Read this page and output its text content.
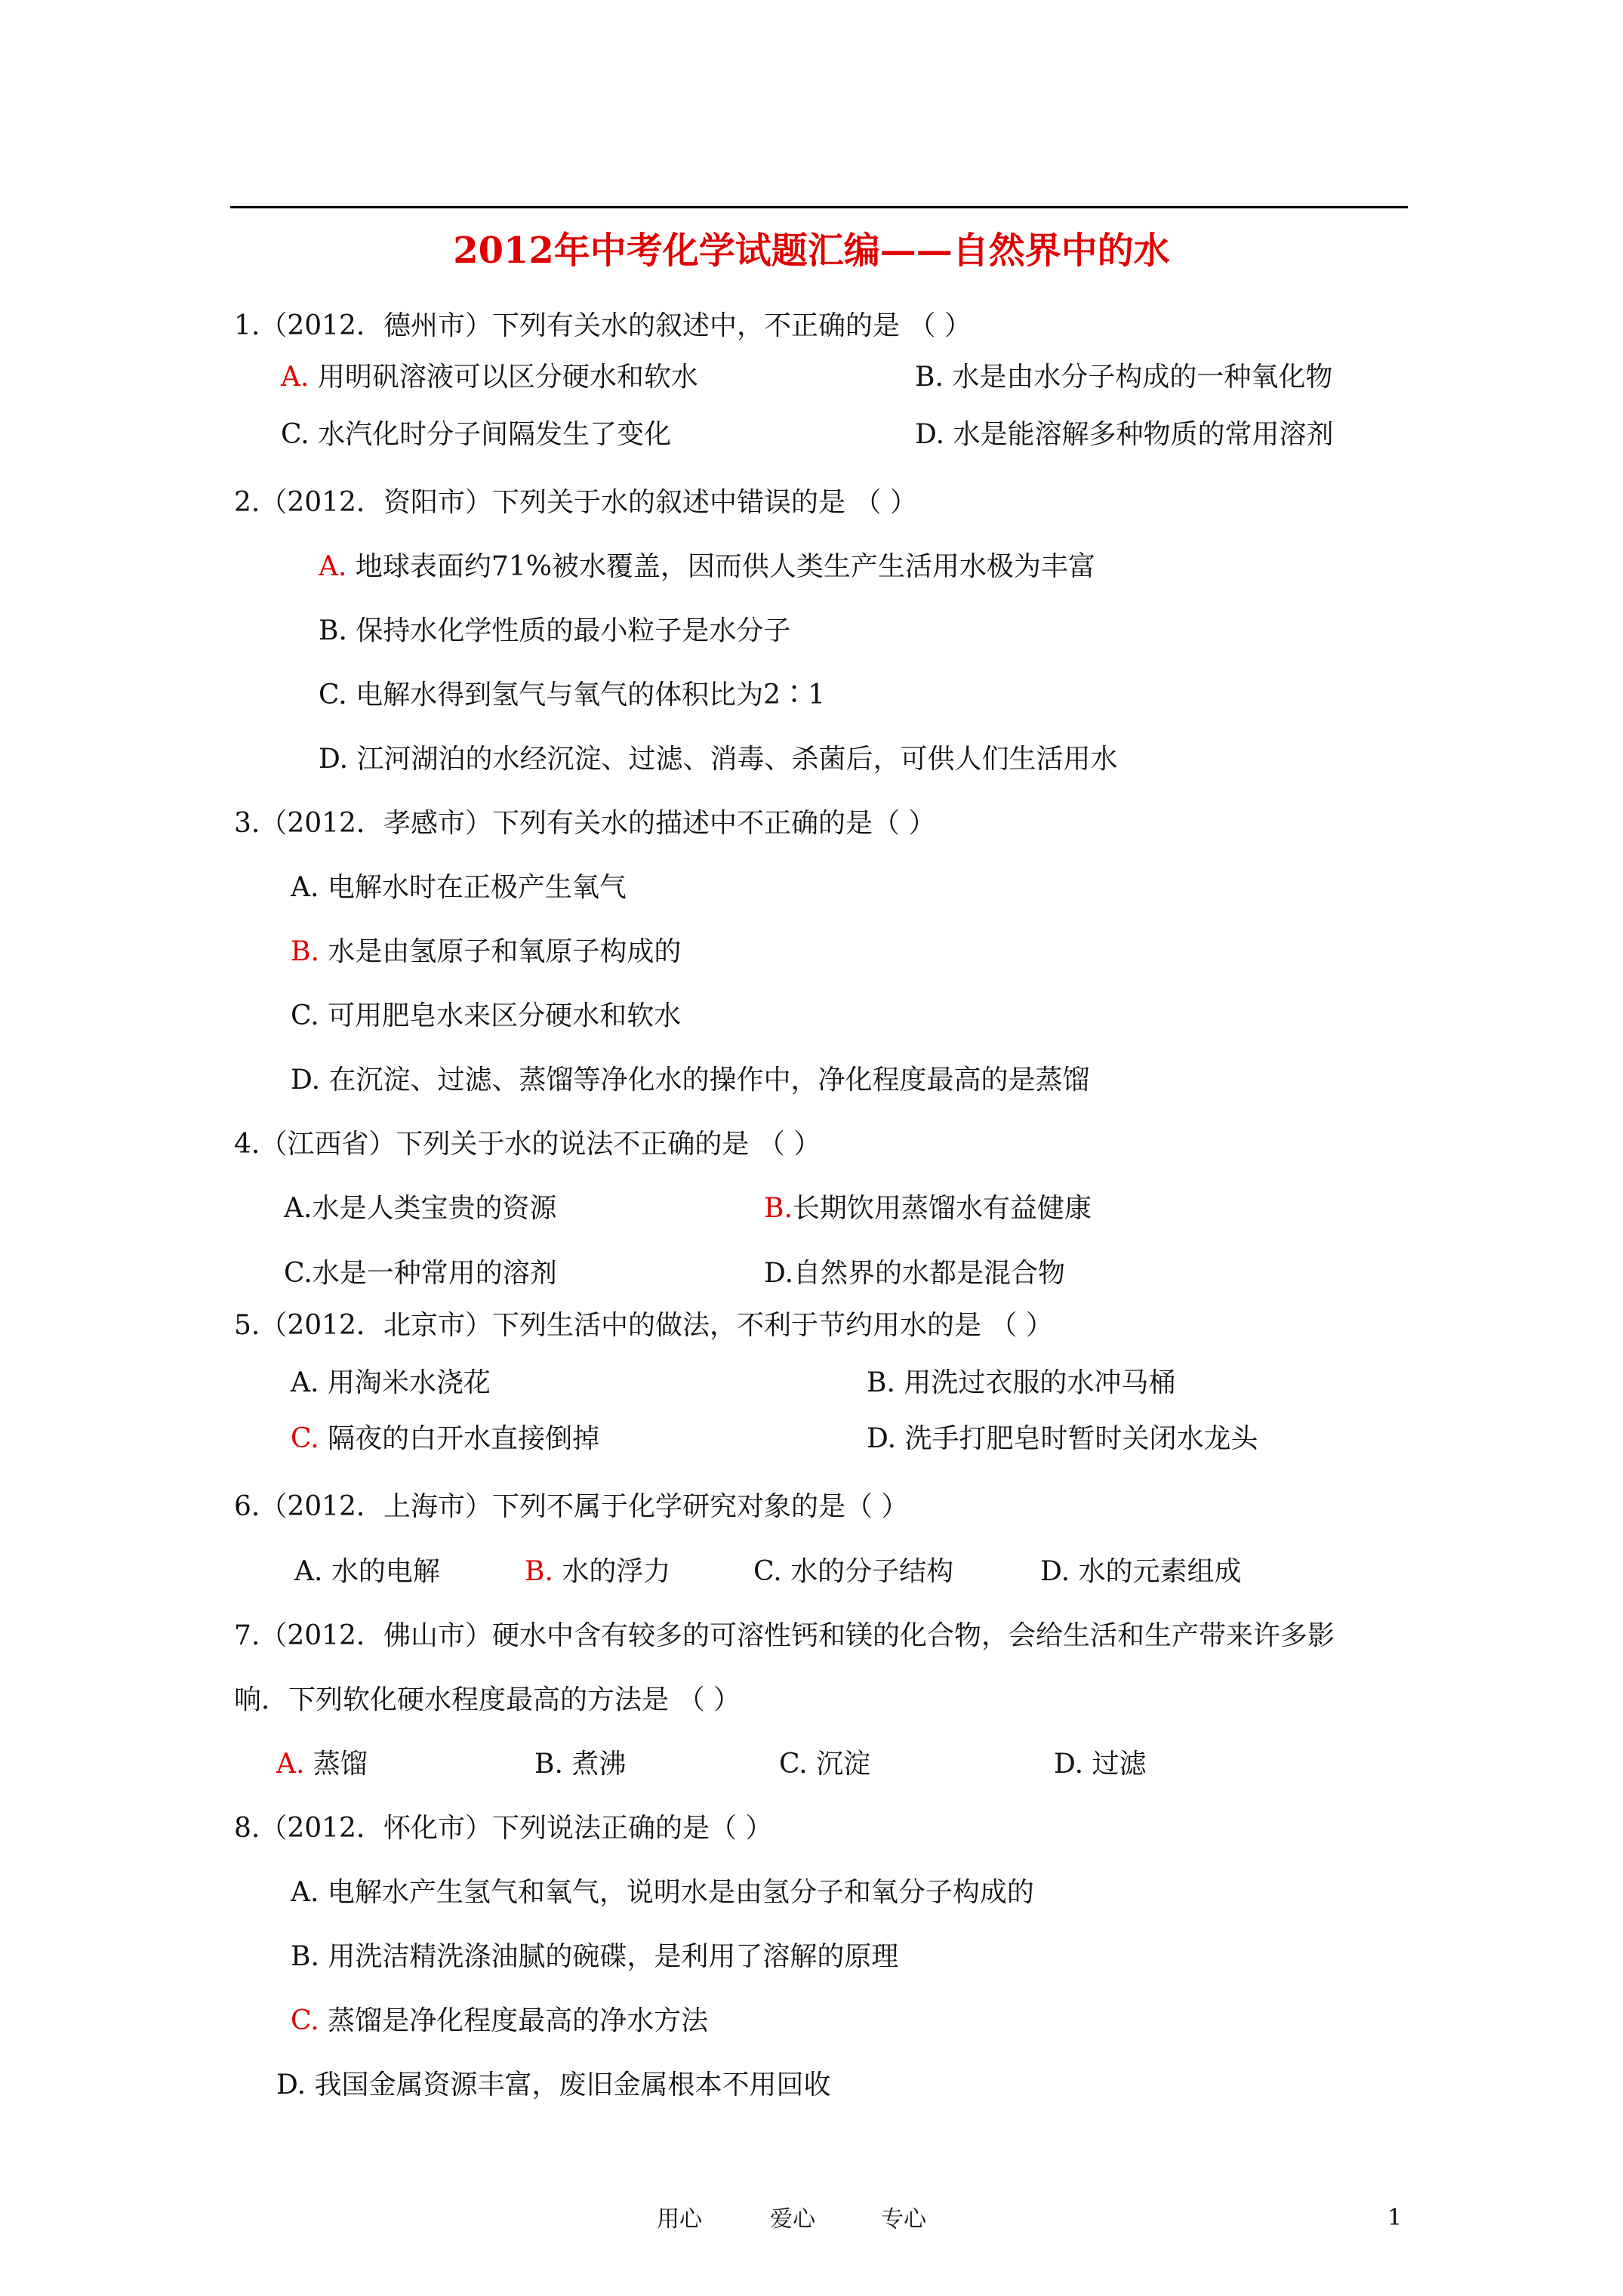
2012年中考化学试题汇编——自然界中的水
1.（2012．德州市）下列有关水的叙述中，不正确的是 （ ）
A. 用明矾溶液可以区分硬水和软水	B. 水是由水分子构成的一种氧化物
C. 水汽化时分子间隔发生了变化	D. 水是能溶解多种物质的常用溶剂
2.（2012．资阳市）下列关于水的叙述中错误的是 （ ）
A. 地球表面约71%被水覆盖，因而供人类生产生活用水极为丰富
B. 保持水化学性质的最小粒子是水分子
C. 电解水得到氢气与氧气的体积比为2∶1
D. 江河湖泊的水经沉淀、过滤、消毒、杀菌后，可供人们生活用水
3.（2012．孝感市）下列有关水的描述中不正确的是（ ）
A. 电解水时在正极产生氧气
B. 水是由氢原子和氧原子构成的
C. 可用肥皂水来区分硬水和软水
D. 在沉淀、过滤、蒸馏等净化水的操作中，净化程度最高的是蒸馏
4.（江西省）下列关于水的说法不正确的是 （ ）
A.水是人类宝贵的资源	B.长期饮用蒸馏水有益健康
C.水是一种常用的溶剂	D.自然界的水都是混合物
5.（2012．北京市）下列生活中的做法，不利于节约用水的是 （ ）
A. 用淘米水浇花	B. 用洗过衣服的水冲马桶
C. 隔夜的白开水直接倒掉	D. 洗手打肥皂时暂时关闭水龙头
6.（2012．上海市）下列不属于化学研究对象的是（ ）
A. 水的电解	B. 水的浮力	C. 水的分子结构	D. 水的元素组成
7.（2012．佛山市）硬水中含有较多的可溶性钙和镁的化合物，会给生活和生产带来许多影
响．下列软化硬水程度最高的方法是 （ ）
A. 蒸馏	B. 煮沸	C. 沉淀	D. 过滤
8.（2012．怀化市）下列说法正确的是（ ）
A. 电解水产生氢气和氧气，说明水是由氢分子和氧分子构成的
B. 用洗洁精洗涤油腻的碗碟，是利用了溶解的原理
C. 蒸馏是净化程度最高的净水方法
D. 我国金属资源丰富，废旧金属根本不用回收
用心	爱心	专心	1
